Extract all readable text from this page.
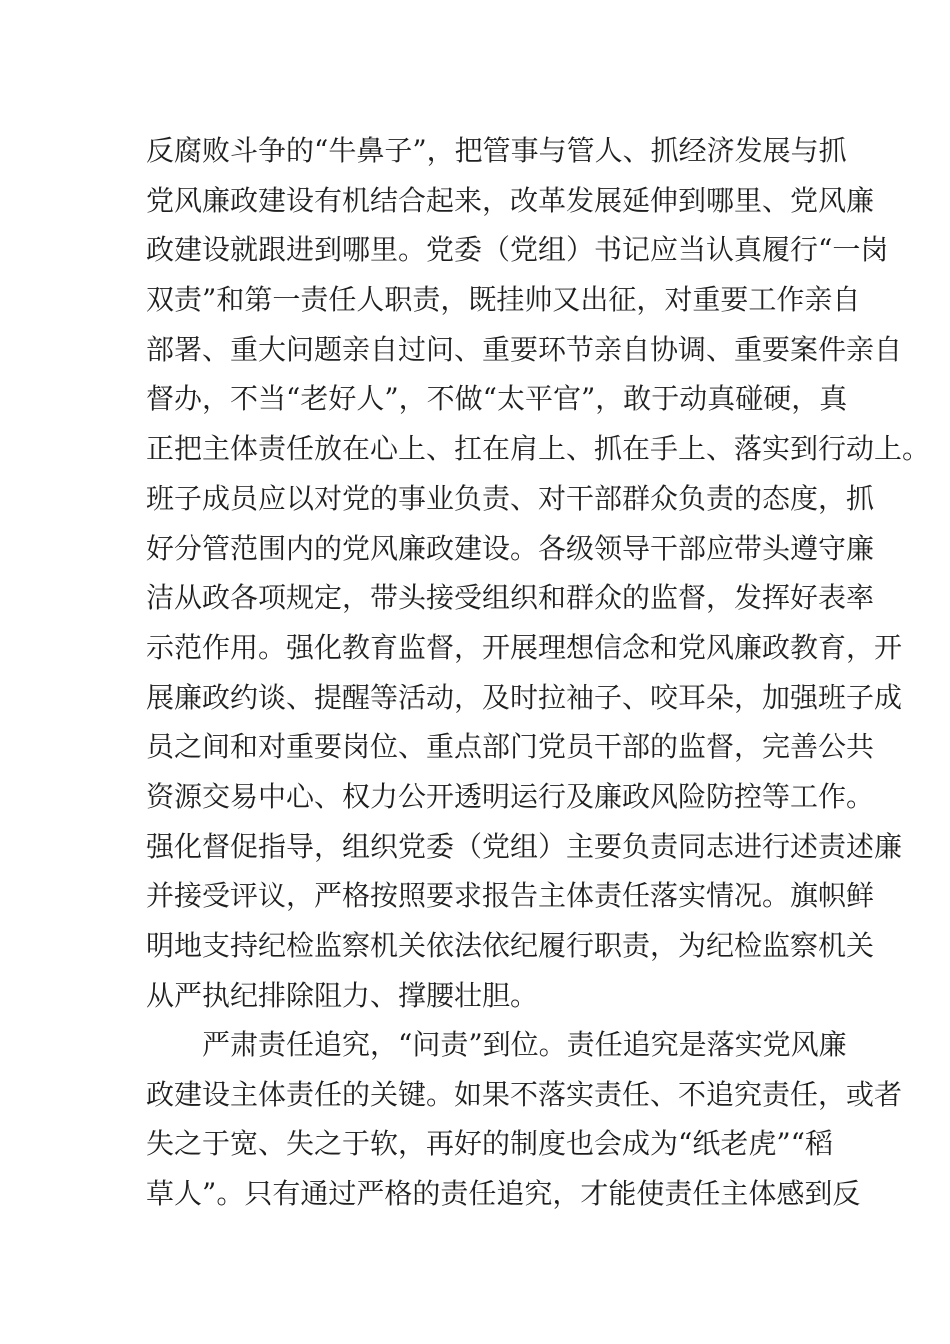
反腐败斗争的“牛鼻子”，把管事与管人、抓经济发展与抓
党风廉政建设有机结合起来，改革发展延伸到哪里、党风廉
政建设就跟进到哪里。党委（党组）书记应当认真履行“一岗
双责”和第一责任人职责，既挂帅又出征，对重要工作亲自
部署、重大问题亲自过问、重要环节亲自协调、重要案件亲自
督办，不当“老好人”，不做“太平官”，敢于动真碰硬，真
正把主体责任放在心上、扛在肩上、抓在手上、落实到行动上。
班子成员应以对党的事业负责、对干部群众负责的态度，抓
好分管范围内的党风廉政建设。各级领导干部应带头遵守廉
洁从政各项规定，带头接受组织和群众的监督，发挥好表率
示范作用。强化教育监督，开展理想信念和党风廉政教育，开
展廉政约谈、提醒等活动，及时拉袖子、咬耳朵，加强班子成
员之间和对重要岗位、重点部门党员干部的监督，完善公共
资源交易中心、权力公开透明运行及廉政风险防控等工作。
强化督促指导，组织党委（党组）主要负责同志进行述责述廉
并接受评议，严格按照要求报告主体责任落实情况。旗帜鲜
明地支持纪检监察机关依法依纪履行职责，为纪检监察机关
从严执纪排除阻力、撑腰壮胆。
严肃责任追究，“问责”到位。责任追究是落实党风廉
政建设主体责任的关键。如果不落实责任、不追究责任，或者
失之于宽、失之于软，再好的制度也会成为“纸老虎”“稻
草人”。只有通过严格的责任追究，才能使责任主体感到反
